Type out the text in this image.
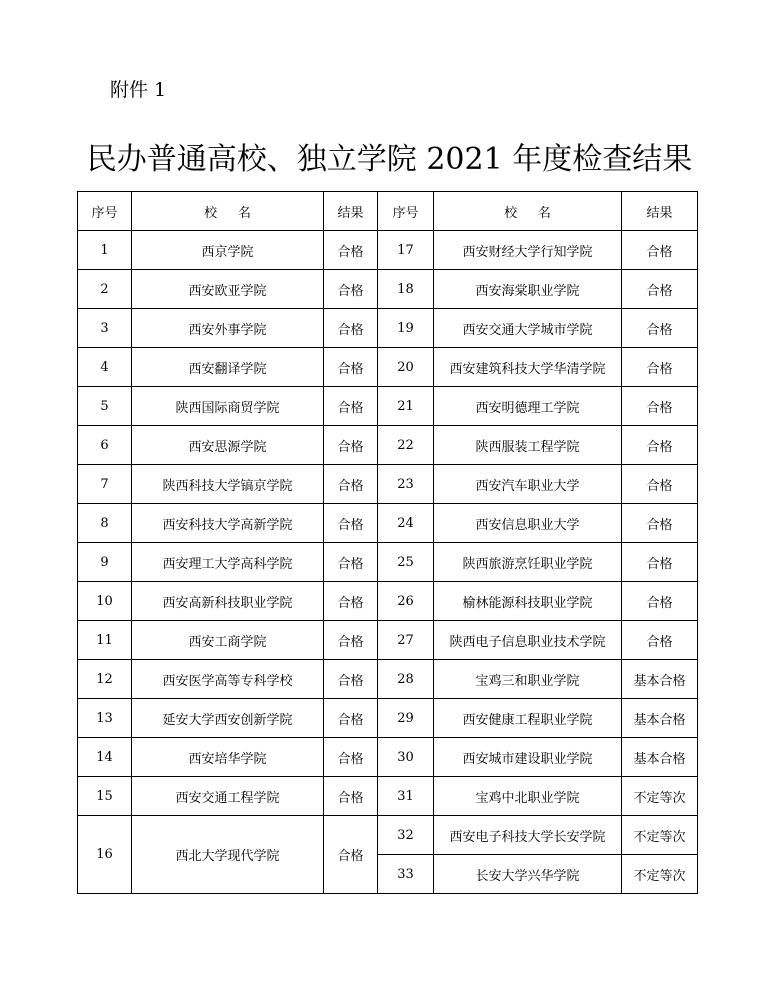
附件 1
民办普通高校、独立学院 2021 年度检查结果
序号	校名	结果	序号	校名	结果
1	西京学院	合格	17	西安财经大学行知学院	合格
2	西安欧亚学院	合格	18	西安海棠职业学院	合格
3	西安外事学院	合格	19	西安交通大学城市学院	合格
4	西安翻译学院	合格	20	西安建筑科技大学华清学院	合格
5	陕西国际商贸学院	合格	21	西安明德理工学院	合格
6	西安思源学院	合格	22	陕西服装工程学院	合格
7	陕西科技大学镐京学院	合格	23	西安汽车职业大学	合格
8	西安科技大学高新学院	合格	24	西安信息职业大学	合格
9	西安理工大学高科学院	合格	25	陕西旅游烹饪职业学院	合格
10	西安高新科技职业学院	合格	26	榆林能源科技职业学院	合格
11	西安工商学院	合格	27	陕西电子信息职业技术学院	合格
12	西安医学高等专科学校	合格	28	宝鸡三和职业学院	基本合格
13	延安大学西安创新学院	合格	29	西安健康工程职业学院	基本合格
14	西安培华学院	合格	30	西安城市建设职业学院	基本合格
15	西安交通工程学院	合格	31	宝鸡中北职业学院	不定等次
16	西北大学现代学院	合格	32	西安电子科技大学长安学院	不定等次
			33	长安大学兴华学院	不定等次
